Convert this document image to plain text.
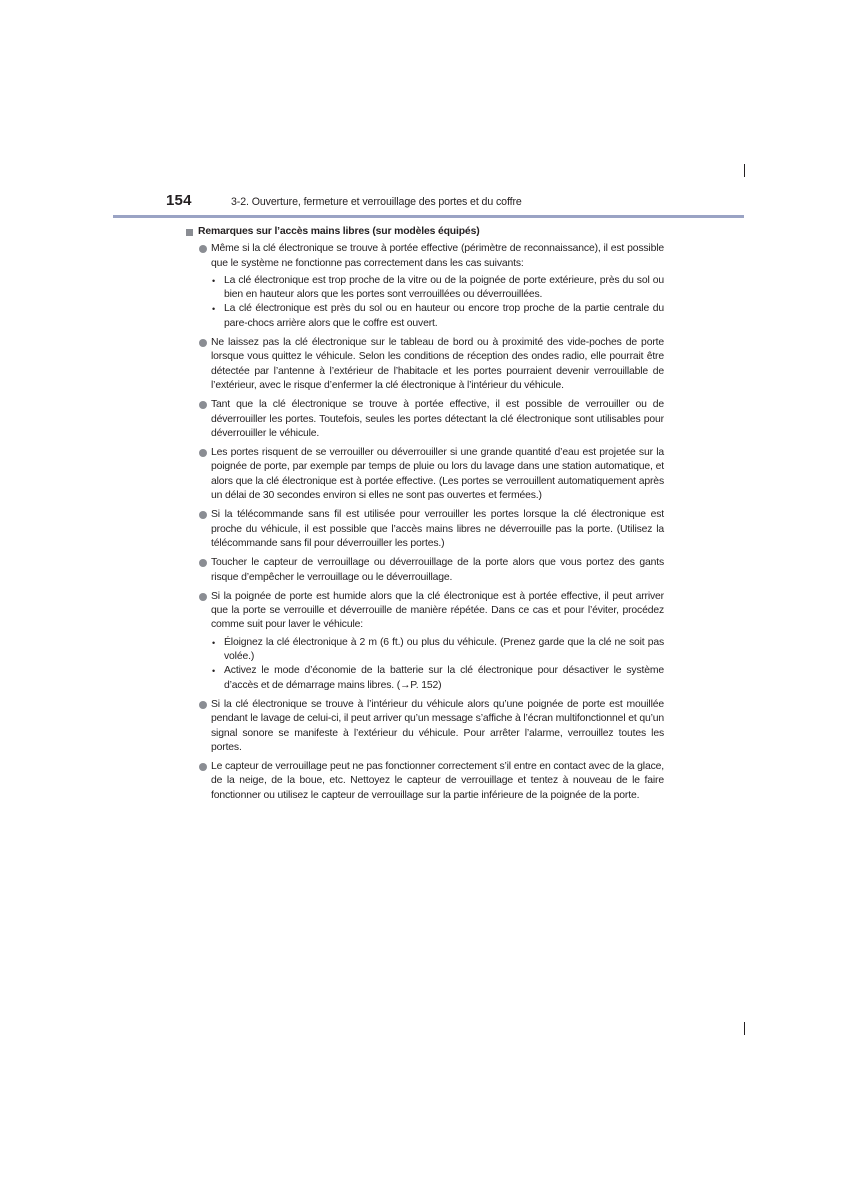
154	3-2. Ouverture, fermeture et verrouillage des portes et du coffre
Remarques sur l’accès mains libres (sur modèles équipés)
Même si la clé électronique se trouve à portée effective (périmètre de reconnaissance), il est possible que le système ne fonctionne pas correctement dans les cas suivants:
• La clé électronique est trop proche de la vitre ou de la poignée de porte extérieure, près du sol ou bien en hauteur alors que les portes sont verrouillées ou déverrouillées.
• La clé électronique est près du sol ou en hauteur ou encore trop proche de la partie centrale du pare-chocs arrière alors que le coffre est ouvert.
Ne laissez pas la clé électronique sur le tableau de bord ou à proximité des vide-poches de porte lorsque vous quittez le véhicule. Selon les conditions de réception des ondes radio, elle pourrait être détectée par l’antenne à l’extérieur de l’habitacle et les portes pourraient devenir verrouillable de l’extérieur, avec le risque d’enfermer la clé électronique à l’intérieur du véhicule.
Tant que la clé électronique se trouve à portée effective, il est possible de verrouiller ou de déverrouiller les portes. Toutefois, seules les portes détectant la clé électronique sont utilisables pour déverrouiller le véhicule.
Les portes risquent de se verrouiller ou déverrouiller si une grande quantité d’eau est projetée sur la poignée de porte, par exemple par temps de pluie ou lors du lavage dans une station automatique, et alors que la clé électronique est à portée effective. (Les portes se verrouillent automatiquement après un délai de 30 secondes environ si elles ne sont pas ouvertes et fermées.)
Si la télécommande sans fil est utilisée pour verrouiller les portes lorsque la clé électronique est proche du véhicule, il est possible que l’accès mains libres ne déverrouille pas la porte. (Utilisez la télécommande sans fil pour déverrouiller les portes.)
Toucher le capteur de verrouillage ou déverrouillage de la porte alors que vous portez des gants risque d’empêcher le verrouillage ou le déverrouillage.
Si la poignée de porte est humide alors que la clé électronique est à portée effective, il peut arriver que la porte se verrouille et déverrouille de manière répétée. Dans ce cas et pour l’éviter, procédez comme suit pour laver le véhicule:
• Éloignez la clé électronique à 2 m (6 ft.) ou plus du véhicule. (Prenez garde que la clé ne soit pas volée.)
• Activez le mode d’économie de la batterie sur la clé électronique pour désactiver le système d’accès et de démarrage mains libres. (→P. 152)
Si la clé électronique se trouve à l’intérieur du véhicule alors qu’une poignée de porte est mouillée pendant le lavage de celui-ci, il peut arriver qu’un message s’affiche à l’écran multifonctionnel et qu’un signal sonore se manifeste à l’extérieur du véhicule. Pour arrêter l’alarme, verrouillez toutes les portes.
Le capteur de verrouillage peut ne pas fonctionner correctement s’il entre en contact avec de la glace, de la neige, de la boue, etc. Nettoyez le capteur de verrouillage et tentez à nouveau de le faire fonctionner ou utilisez le capteur de verrouillage sur la partie inférieure de la poignée de la porte.
